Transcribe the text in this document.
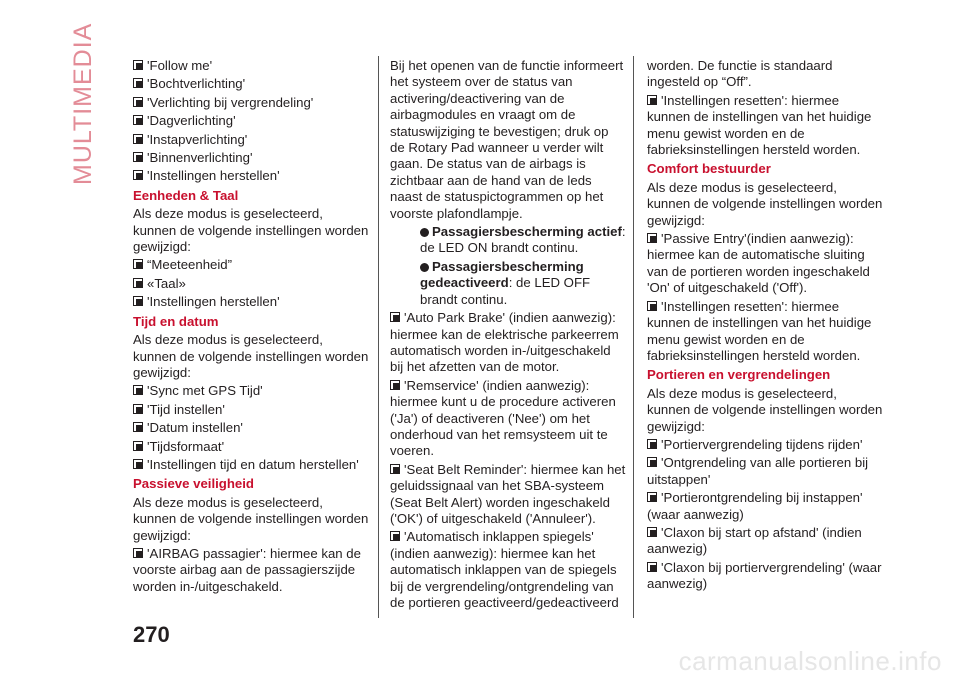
MULTIMEDIA	'Follow me'

'Bochtverlichting'

'Verlichting bij vergrendeling'

'Dagverlichting'

'Instapverlichting'

'Binnenverlichting'

'Instellingen herstellen'

Eenheden & Taal

Als deze modus is geselecteerd, kunnen de volgende instellingen worden gewijzigd:

“Meeteenheid”

«Taal»

'Instellingen herstellen'

Tijd en datum

Als deze modus is geselecteerd, kunnen de volgende instellingen worden gewijzigd:

'Sync met GPS Tijd'

'Tijd instellen'

'Datum instellen'

'Tijdsformaat'

'Instellingen tijd en datum herstellen'

Passieve veiligheid

Als deze modus is geselecteerd, kunnen de volgende instellingen worden gewijzigd:

'AIRBAG passagier': hiermee kan de voorste airbag aan de passagierszijde worden in-/uitgeschakeld.

Bij het openen van de functie informeert het systeem over de status van activering/deactivering van de airbagmodules en vraagt om de statuswijziging te bevestigen; druk op de Rotary Pad wanneer u verder wilt gaan. De status van de airbags is zichtbaar aan de hand van de leds naast de statuspictogrammen op het voorste plafondlampje.

Passagiersbescherming actief: de LED ON brandt continu.

Passagiersbescherming gedeactiveerd: de LED OFF brandt continu.

'Auto Park Brake' (indien aanwezig): hiermee kan de elektrische parkeerrem automatisch worden in-/uitgeschakeld bij het afzetten van de motor.

'Remservice' (indien aanwezig): hiermee kunt u de procedure activeren ('Ja') of deactiveren ('Nee') om het onderhoud van het remsysteem uit te voeren.

'Seat Belt Reminder': hiermee kan het geluidssignaal van het SBA-systeem (Seat Belt Alert) worden ingeschakeld ('OK') of uitgeschakeld ('Annuleer').

'Automatisch inklappen spiegels' (indien aanwezig): hiermee kan het automatisch inklappen van de spiegels bij de vergrendeling/ontgrendeling van de portieren geactiveerd/gedeactiveerd

worden. De functie is standaard ingesteld op “Off”.

'Instellingen resetten': hiermee kunnen de instellingen van het huidige menu gewist worden en de fabrieksinstellingen hersteld worden.

Comfort bestuurder

Als deze modus is geselecteerd, kunnen de volgende instellingen worden gewijzigd:

'Passive Entry'(indien aanwezig): hiermee kan de automatische sluiting van de portieren worden ingeschakeld 'On' of uitgeschakeld ('Off').

'Instellingen resetten': hiermee kunnen de instellingen van het huidige menu gewist worden en de fabrieksinstellingen hersteld worden.

Portieren en vergrendelingen

Als deze modus is geselecteerd, kunnen de volgende instellingen worden gewijzigd:

'Portiervergrendeling tijdens rijden'

'Ontgrendeling van alle portieren bij uitstappen'

'Portierontgrendeling bij instappen' (waar aanwezig)

'Claxon bij start op afstand' (indien aanwezig)

'Claxon bij portiervergrendeling' (waar aanwezig)

270
carmanualsonline.info
